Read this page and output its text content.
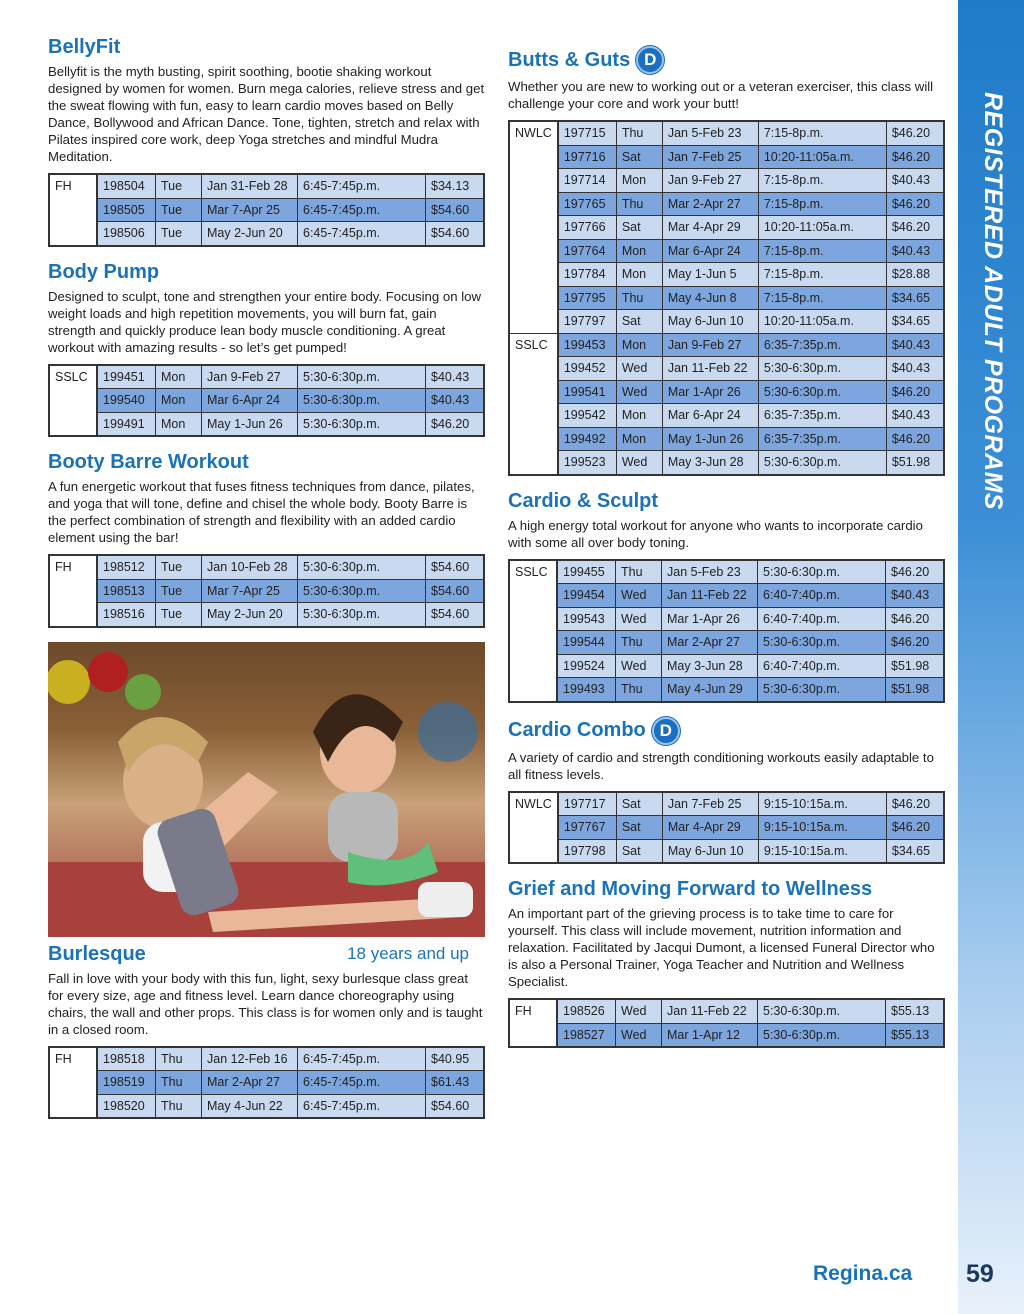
BellyFit

Bellyfit is the myth busting, spirit soothing, bootie shaking workout designed by women for women. Burn mega calories, relieve stress and get the sweat flowing with fun, easy to learn cardio moves based on Belly Dance, Bollywood and African Dance. Tone, tighten, stretch and relax with Pilates inspired core work, deep Yoga stretches and mindful Mudra Meditation.

FH	198504	Tue	Jan 31-Feb 28	6:45-7:45p.m.	$34.13
	198505	Tue	Mar 7-Apr 25	6:45-7:45p.m.	$54.60
	198506	Tue	May 2-Jun 20	6:45-7:45p.m.	$54.60
Body Pump

Designed to sculpt, tone and strengthen your entire body. Focusing on low weight loads and high repetition movements, you will burn fat, gain strength and quickly produce lean body muscle conditioning. A great workout with amazing results - so let’s get pumped!

SSLC	199451	Mon	Jan 9-Feb 27	5:30-6:30p.m.	$40.43
	199540	Mon	Mar 6-Apr 24	5:30-6:30p.m.	$40.43
	199491	Mon	May 1-Jun 26	5:30-6:30p.m.	$46.20
Booty Barre Workout

A fun energetic workout that fuses fitness techniques from dance, pilates, and yoga that will tone, define and chisel the whole body. Booty Barre is the perfect combination of strength and flexibility with an added cardio element using the bar!

FH	198512	Tue	Jan 10-Feb 28	5:30-6:30p.m.	$54.60
	198513	Tue	Mar 7-Apr 25	5:30-6:30p.m.	$54.60
	198516	Tue	May 2-Jun 20	5:30-6:30p.m.	$54.60
Burlesque	18 years and up

Fall in love with your body with this fun, light, sexy burlesque class great for every size, age and fitness level. Learn dance choreography using chairs, the wall and other props. This class is for women only and is taught in a closed room.

FH	198518	Thu	Jan 12-Feb 16	6:45-7:45p.m.	$40.95
	198519	Thu	Mar 2-Apr 27	6:45-7:45p.m.	$61.43
	198520	Thu	May 4-Jun 22	6:45-7:45p.m.	$54.60
Butts & Guts D

Whether you are new to working out or a veteran exerciser, this class will challenge your core and work your butt!

NWLC	197715	Thu	Jan 5-Feb 23	7:15-8p.m.	$46.20
	197716	Sat	Jan 7-Feb 25	10:20-11:05a.m.	$46.20
	197714	Mon	Jan 9-Feb 27	7:15-8p.m.	$40.43
	197765	Thu	Mar 2-Apr 27	7:15-8p.m.	$46.20
	197766	Sat	Mar 4-Apr 29	10:20-11:05a.m.	$46.20
	197764	Mon	Mar 6-Apr 24	7:15-8p.m.	$40.43
	197784	Mon	May 1-Jun 5	7:15-8p.m.	$28.88
	197795	Thu	May 4-Jun 8	7:15-8p.m.	$34.65
	197797	Sat	May 6-Jun 10	10:20-11:05a.m.	$34.65
SSLC	199453	Mon	Jan 9-Feb 27	6:35-7:35p.m.	$40.43
	199452	Wed	Jan 11-Feb 22	5:30-6:30p.m.	$40.43
	199541	Wed	Mar 1-Apr 26	5:30-6:30p.m.	$46.20
	199542	Mon	Mar 6-Apr 24	6:35-7:35p.m.	$40.43
	199492	Mon	May 1-Jun 26	6:35-7:35p.m.	$46.20
	199523	Wed	May 3-Jun 28	5:30-6:30p.m.	$51.98
Cardio & Sculpt

A high energy total workout for anyone who wants to incorporate cardio with some all over body toning.

SSLC	199455	Thu	Jan 5-Feb 23	5:30-6:30p.m.	$46.20
	199454	Wed	Jan 11-Feb 22	6:40-7:40p.m.	$40.43
	199543	Wed	Mar 1-Apr 26	6:40-7:40p.m.	$46.20
	199544	Thu	Mar 2-Apr 27	5:30-6:30p.m.	$46.20
	199524	Wed	May 3-Jun 28	6:40-7:40p.m.	$51.98
	199493	Thu	May 4-Jun 29	5:30-6:30p.m.	$51.98
Cardio Combo D

A variety of cardio and strength conditioning workouts easily adaptable to all fitness levels.

NWLC	197717	Sat	Jan 7-Feb 25	9:15-10:15a.m.	$46.20
	197767	Sat	Mar 4-Apr 29	9:15-10:15a.m.	$46.20
	197798	Sat	May 6-Jun 10	9:15-10:15a.m.	$34.65
Grief and Moving Forward to Wellness

An important part of the grieving process is to take time to care for yourself. This class will include movement, nutrition information and relaxation. Facilitated by Jacqui Dumont, a licensed Funeral Director who is also a Personal Trainer, Yoga Teacher and Nutrition and Wellness Specialist.

FH	198526	Wed	Jan 11-Feb 22	5:30-6:30p.m.	$55.13
	198527	Wed	Mar 1-Apr 12	5:30-6:30p.m.	$55.13
REGISTERED ADULT PROGRAMS
Regina.ca 59
